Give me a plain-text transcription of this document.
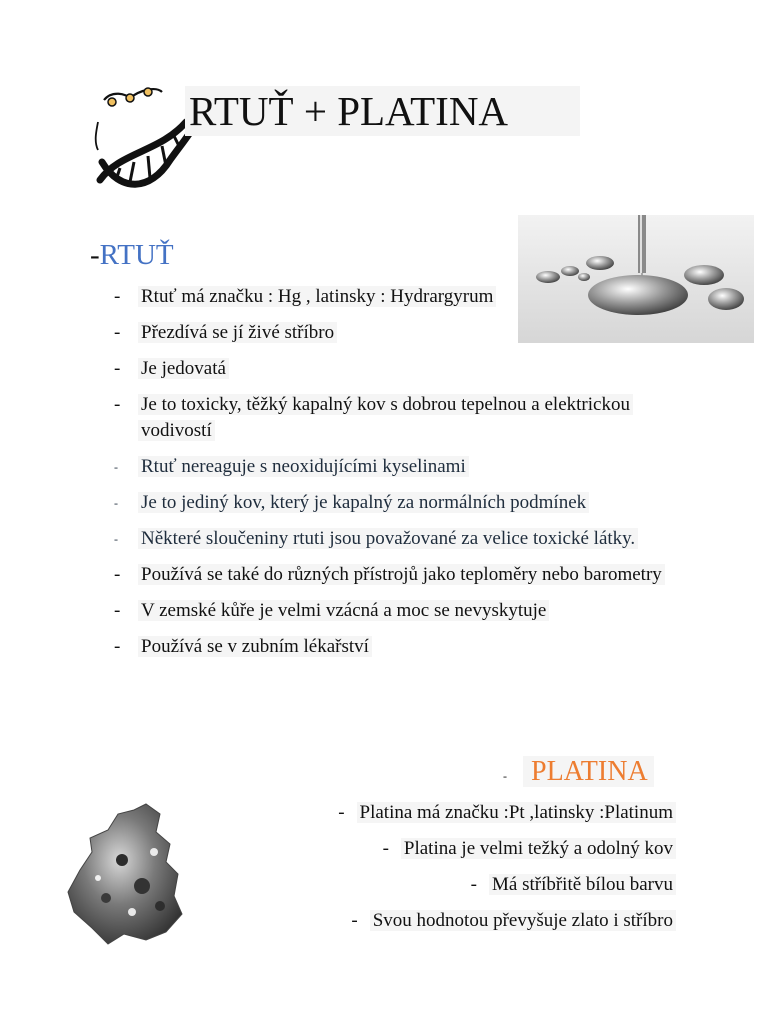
RTUŤ + PLATINA
-RTUŤ
- Rtuť má značku : Hg , latinsky : Hydrargyrum
- Přezdívá se jí živé stříbro
- Je jedovatá
- Je to toxicky, těžký kapalný kov s dobrou tepelnou a elektrickou vodivostí
- Rtuť nereaguje s neoxidujícími kyselinami
- Je to jediný kov, který je kapalný za normálních podmínek
- Některé sloučeniny rtuti jsou považované za velice toxické látky.
- Používá se také do různých přístrojů jako teploměry nebo barometry
- V zemské kůře je velmi vzácná a moc se nevyskytuje
- Používá se v zubním lékařství
- PLATINA
- Platina má značku :Pt ,latinsky :Platinum
- Platina je velmi težký a odolný kov
- Má stříbřitě bílou barvu
- Svou hodnotou převyšuje zlato i stříbro
